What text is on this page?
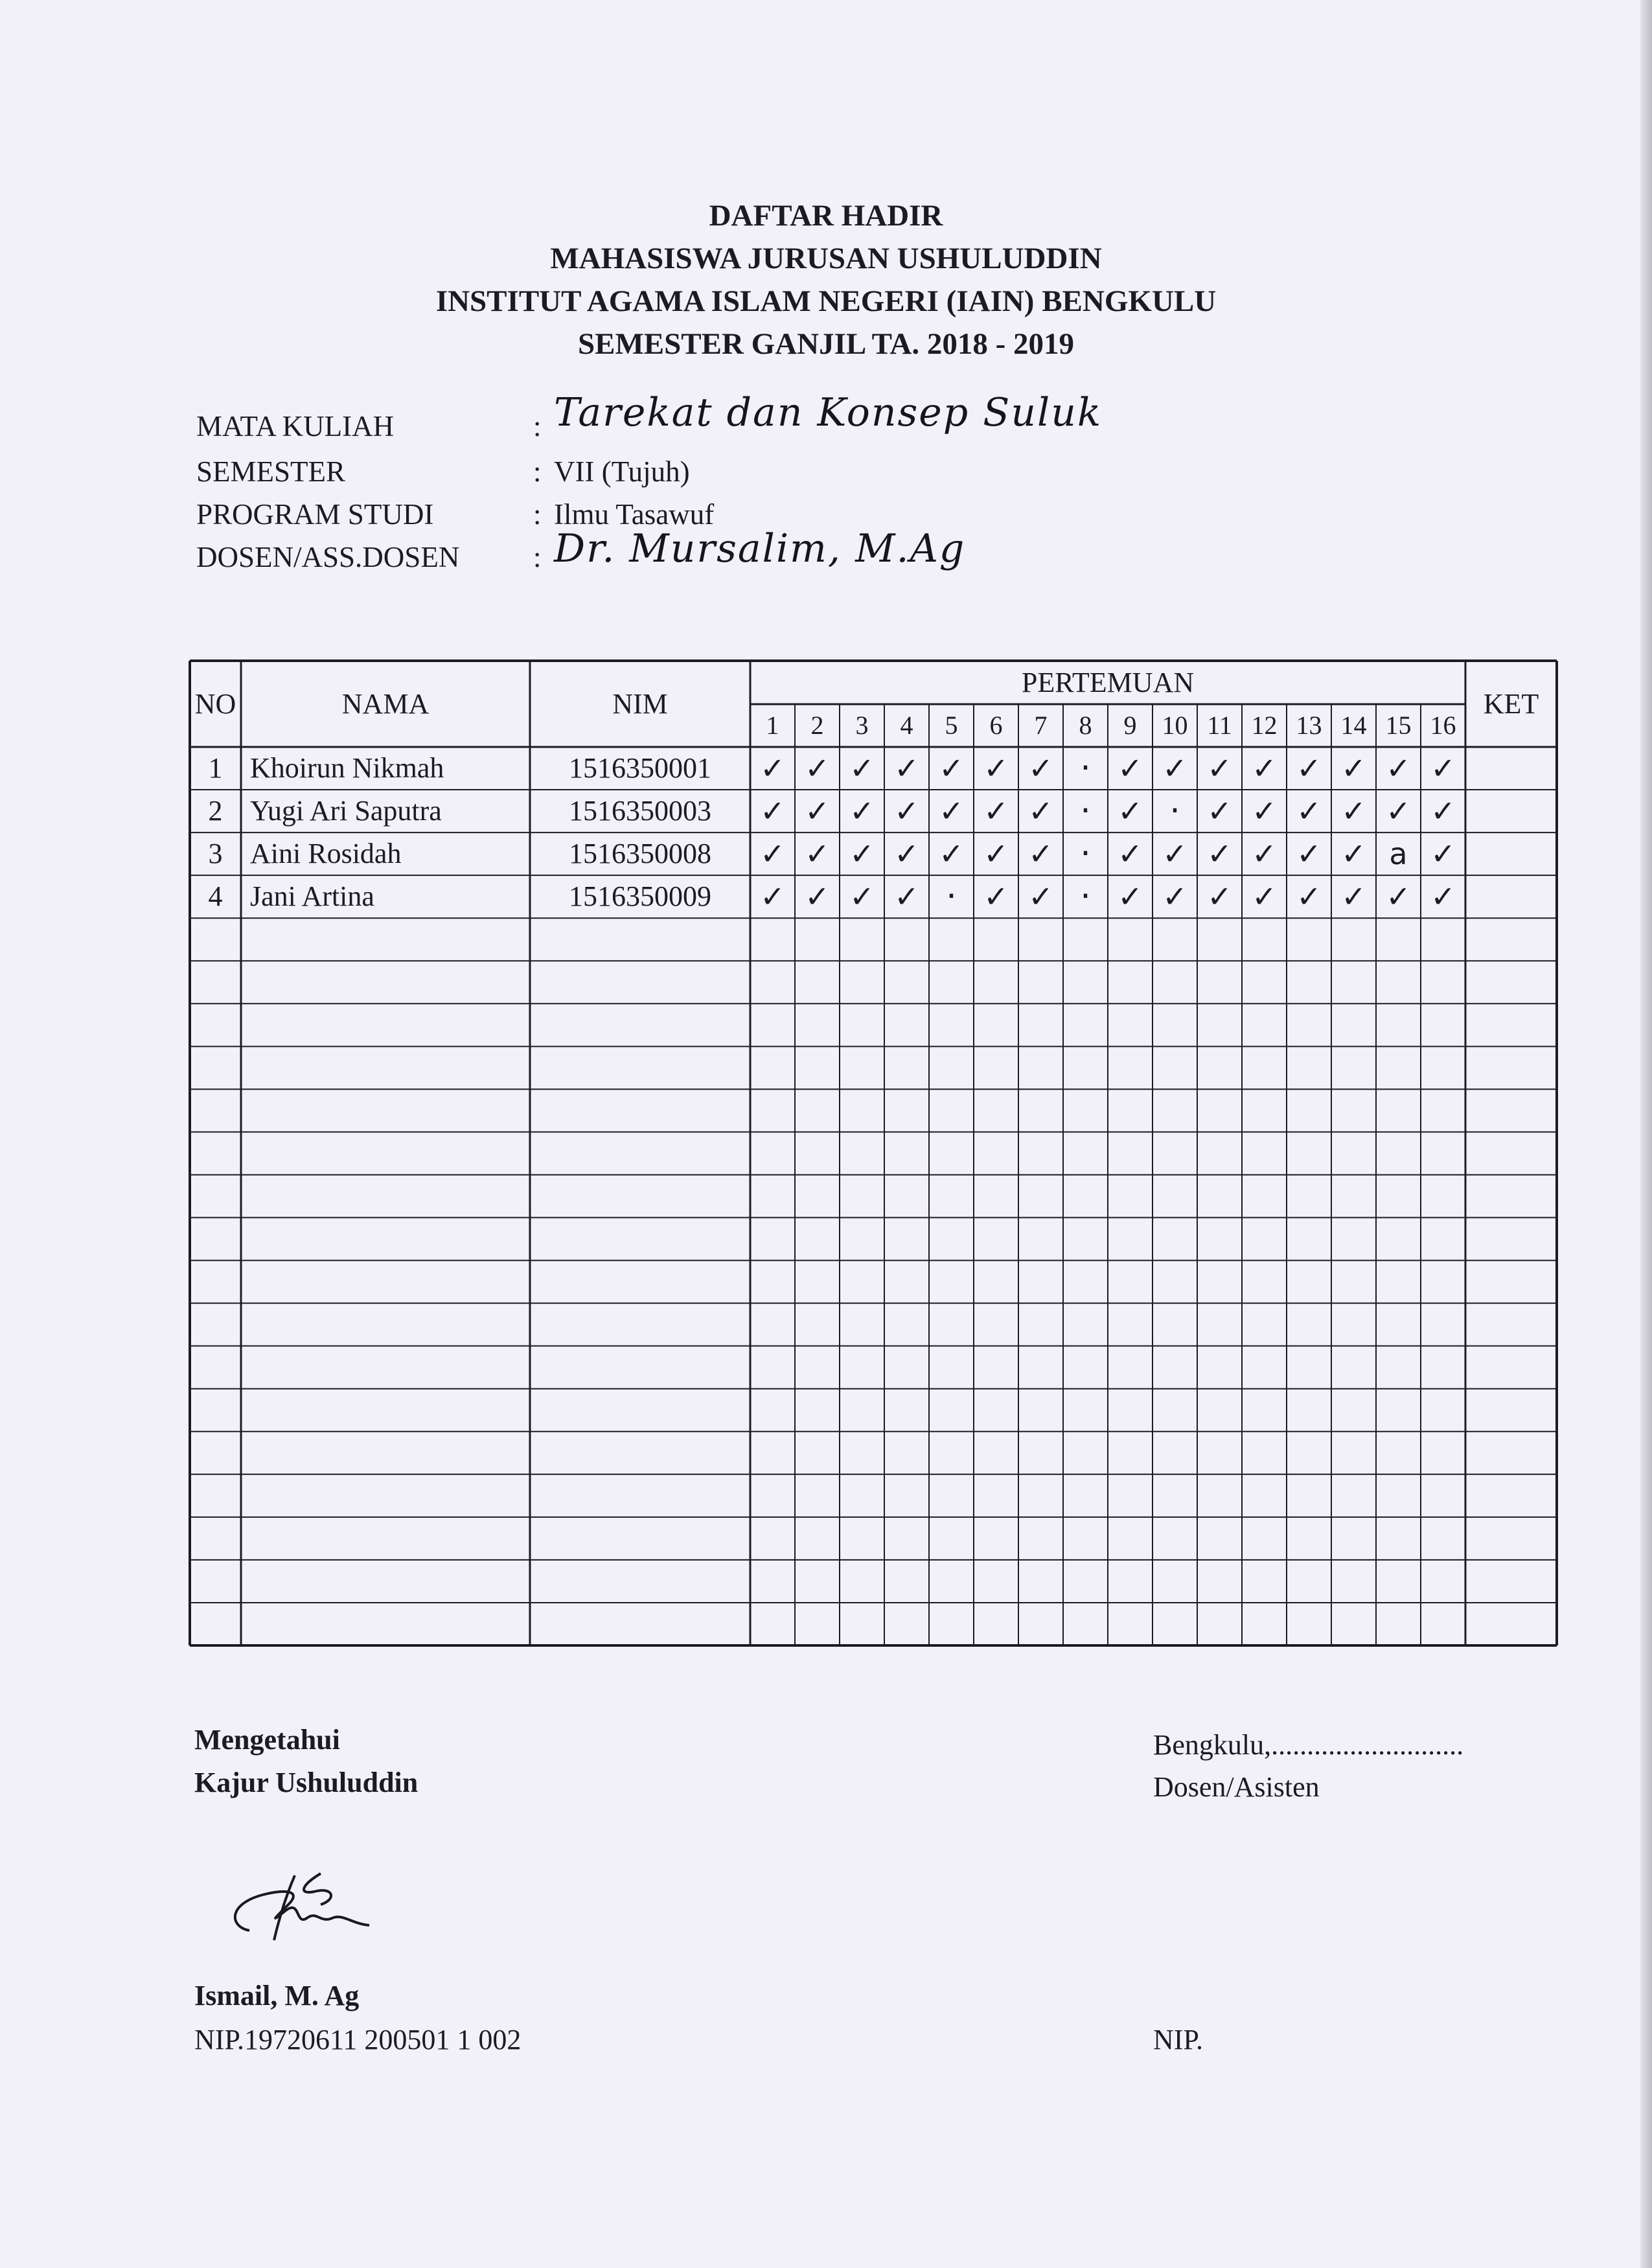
DAFTAR HADIR
MAHASISWA JURUSAN USHULUDDIN
INSTITUT AGAMA ISLAM NEGERI (IAIN) BENGKULU
SEMESTER GANJIL TA. 2018 - 2019
MATA KULIAH	: Tarekat dan Konsep Suluk
SEMESTER	: VII (Tujuh)
PROGRAM STUDI	: Ilmu Tasawuf
DOSEN/ASS.DOSEN	: Dr. Mursalim, M.Ag
NO	NAMA	NIM
PERTEMUAN
KET
1 2 3 4 5 6 7 8 9 10 11 12 13 14 15 16
1 Khoirun Nikmah	1516350001 ✓ ✓ ✓ ✓ ✓ ✓ ✓ · ✓ ✓ ✓ ✓ ✓ ✓ ✓ ✓
2 Yugi Ari Saputra	1516350003 ✓ ✓ ✓ ✓ ✓ ✓ ✓ · ✓ · ✓ ✓ ✓ ✓ ✓ ✓
3 Aini Rosidah	1516350008 ✓ ✓ ✓ ✓ ✓ ✓ ✓ · ✓ ✓ ✓ ✓ ✓ ✓ a ✓
4 Jani Artina	1516350009 ✓ ✓ ✓ ✓ · ✓ ✓ · ✓ ✓ ✓ ✓ ✓ ✓ ✓ ✓
Mengetahui
Kajur Ushuluddin
Ismail, M. Ag
NIP.19720611 200501 1 002
Bengkulu,...........................
Dosen/Asisten
NIP.
